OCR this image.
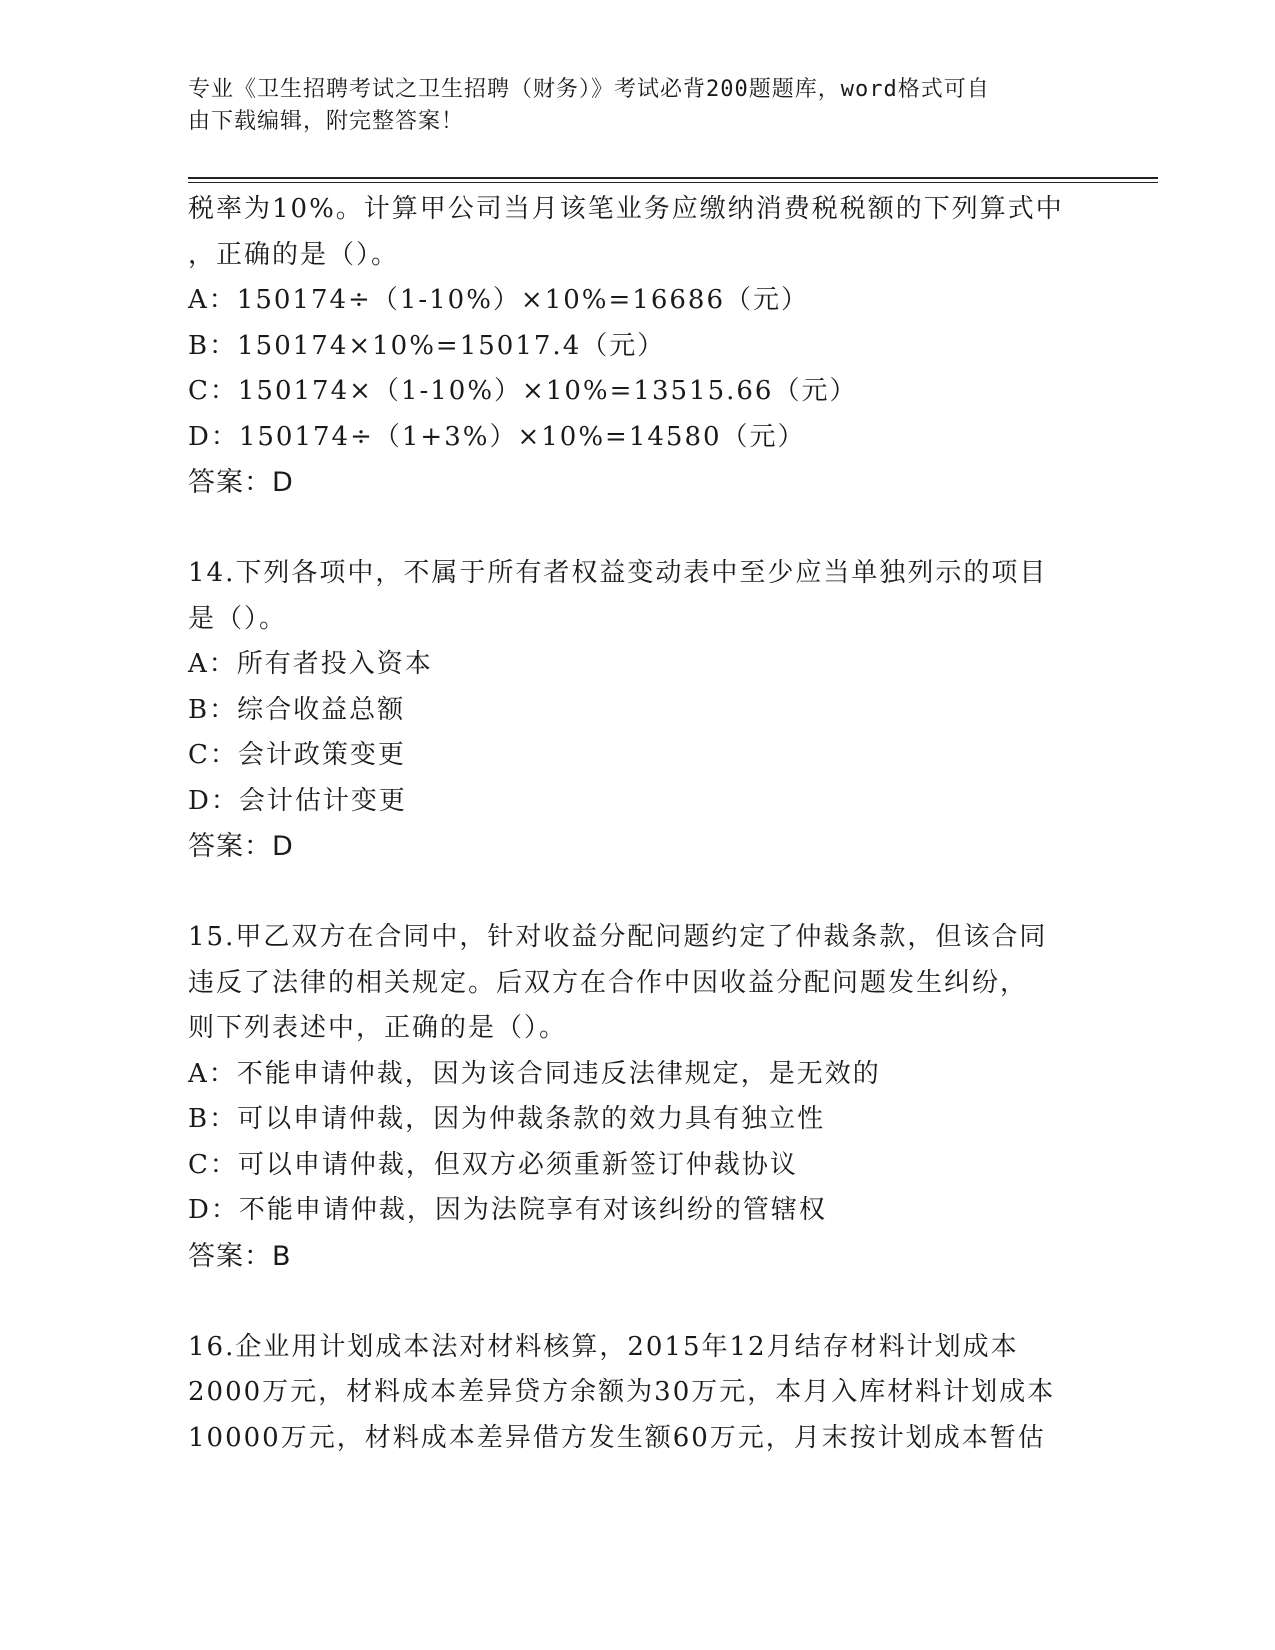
专业《卫生招聘考试之卫生招聘（财务）》考试必背200题题库，word格式可自
由下载编辑，附完整答案！
税率为10%。计算甲公司当月该笔业务应缴纳消费税税额的下列算式中
，正确的是（）。
A：150174÷（1-10%）×10%=16686（元）
B：150174×10%=15017.4（元）
C：150174×（1-10%）×10%=13515.66（元）
D：150174÷（1+3%）×10%=14580（元）
答案：D
14.下列各项中，不属于所有者权益变动表中至少应当单独列示的项目
是（）。
A：所有者投入资本
B：综合收益总额
C：会计政策变更
D：会计估计变更
答案：D
15.甲乙双方在合同中，针对收益分配问题约定了仲裁条款，但该合同
违反了法律的相关规定。后双方在合作中因收益分配问题发生纠纷，
则下列表述中，正确的是（）。
A：不能申请仲裁，因为该合同违反法律规定，是无效的
B：可以申请仲裁，因为仲裁条款的效力具有独立性
C：可以申请仲裁，但双方必须重新签订仲裁协议
D：不能申请仲裁，因为法院享有对该纠纷的管辖权
答案：B
16.企业用计划成本法对材料核算，2015年12月结存材料计划成本
2000万元，材料成本差异贷方余额为30万元，本月入库材料计划成本
10000万元，材料成本差异借方发生额60万元，月末按计划成本暂估
